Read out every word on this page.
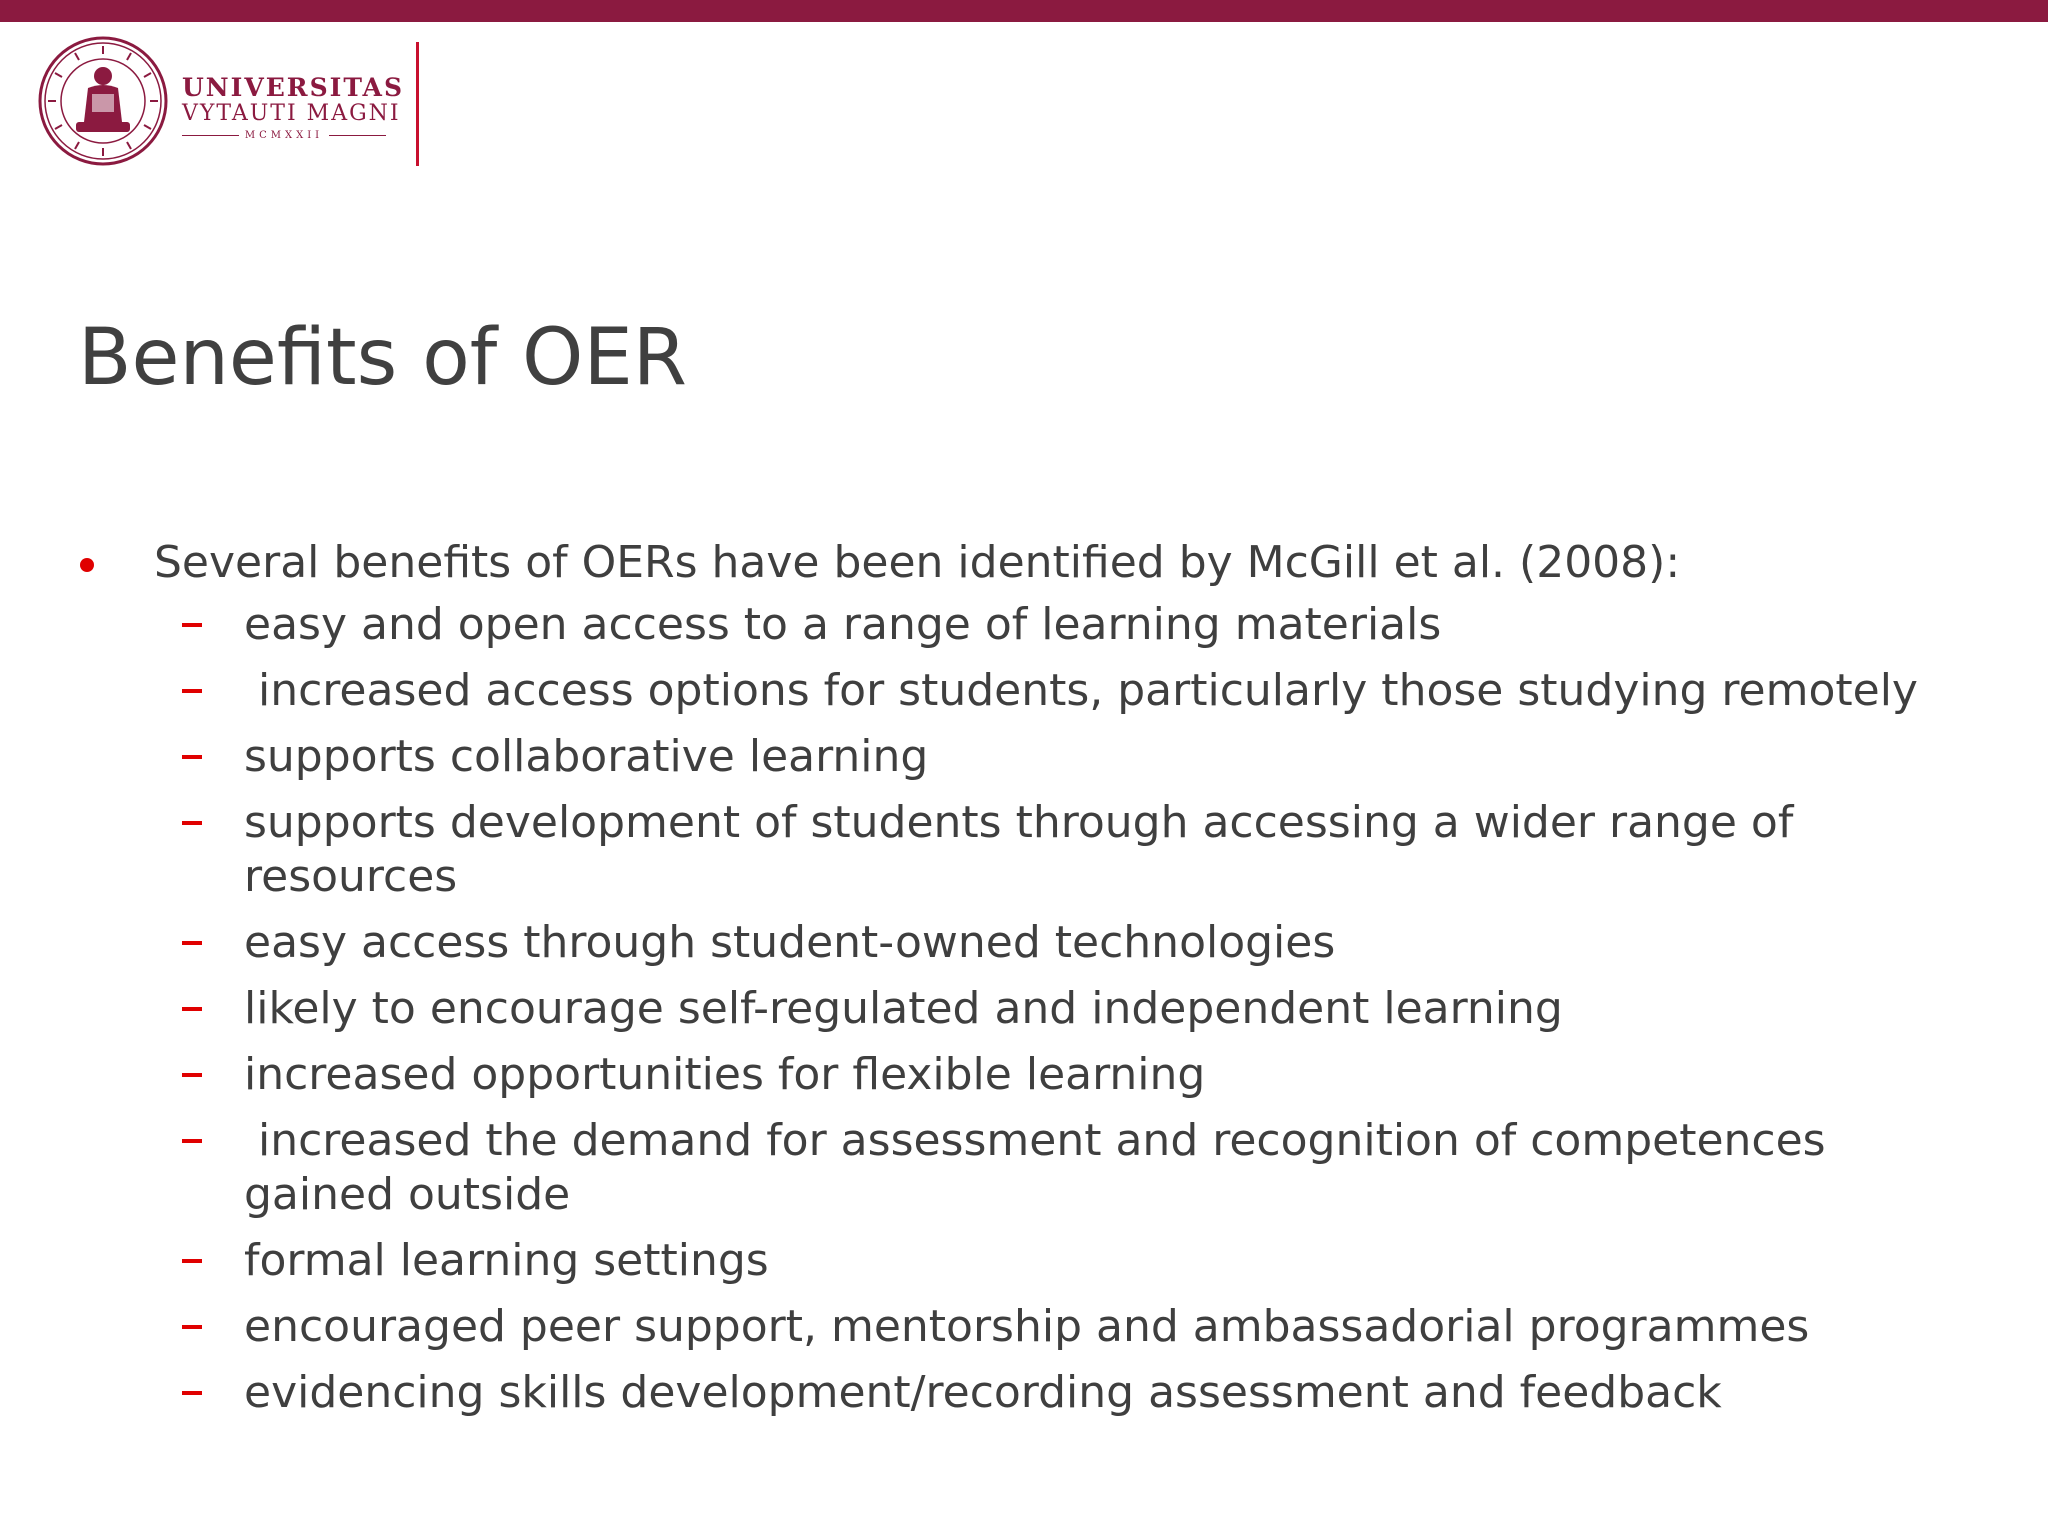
UNIVERSITAS
VYTAUTI MAGNI
MCMXXII
Benefits of OER
Several benefits of OERs have been identified by McGill et al. (2008):
easy and open access to a range of learning materials
increased access options for students, particularly those studying remotely
supports collaborative learning
supports development of students through accessing a wider range of resources
easy access through student-owned technologies
likely to encourage self-regulated and independent learning
increased opportunities for flexible learning
increased the demand for assessment and recognition of competences gained outside
formal learning settings
encouraged peer support, mentorship and ambassadorial programmes
evidencing skills development/recording assessment and feedback
